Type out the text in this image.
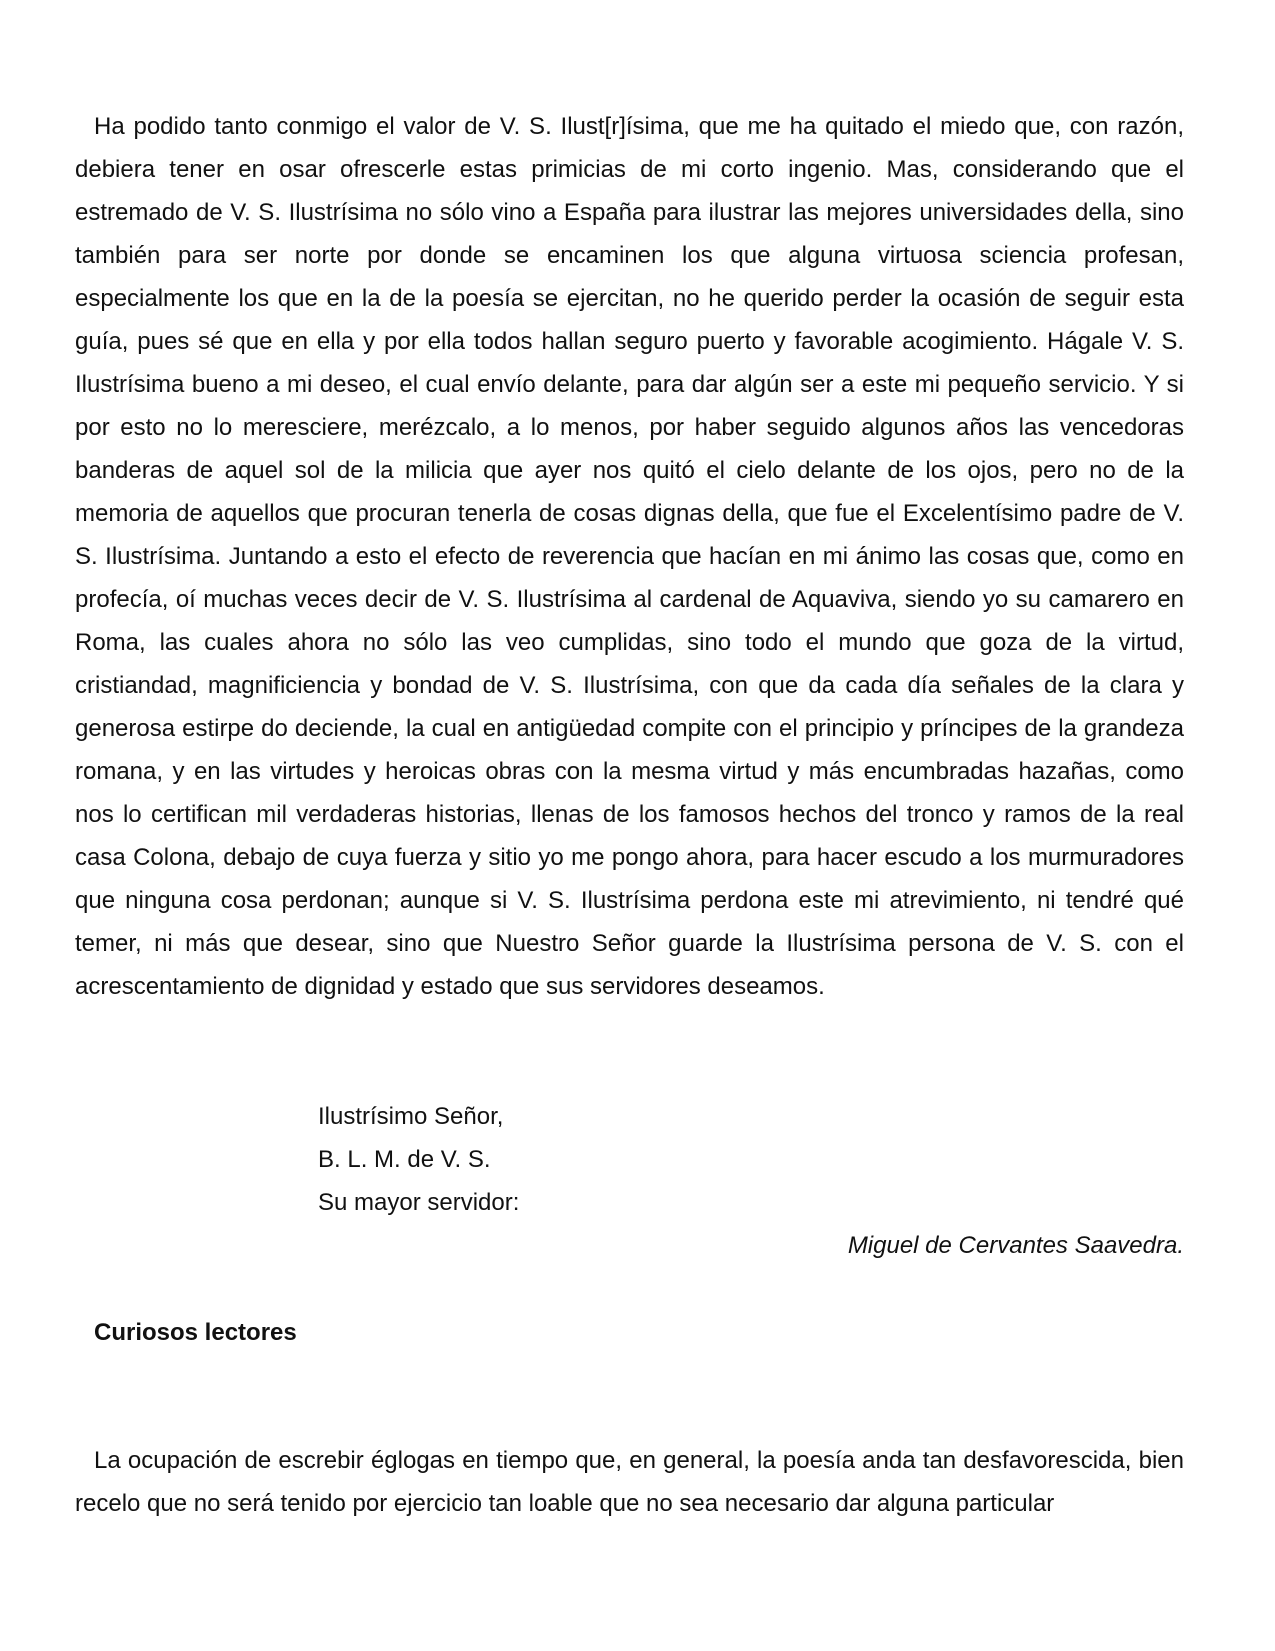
Ha podido tanto conmigo el valor de V. S. Ilust[r]ísima, que me ha quitado el miedo que, con razón, debiera tener en osar ofrescerle estas primicias de mi corto ingenio. Mas, considerando que el estremado de V. S. Ilustrísima no sólo vino a España para ilustrar las mejores universidades della, sino también para ser norte por donde se encaminen los que alguna virtuosa sciencia profesan, especialmente los que en la de la poesía se ejercitan, no he querido perder la ocasión de seguir esta guía, pues sé que en ella y por ella todos hallan seguro puerto y favorable acogimiento. Hágale V. S. Ilustrísima bueno a mi deseo, el cual envío delante, para dar algún ser a este mi pequeño servicio. Y si por esto no lo meresciere, merézcalo, a lo menos, por haber seguido algunos años las vencedoras banderas de aquel sol de la milicia que ayer nos quitó el cielo delante de los ojos, pero no de la memoria de aquellos que procuran tenerla de cosas dignas della, que fue el Excelentísimo padre de V. S. Ilustrísima. Juntando a esto el efecto de reverencia que hacían en mi ánimo las cosas que, como en profecía, oí muchas veces decir de V. S. Ilustrísima al cardenal de Aquaviva, siendo yo su camarero en Roma, las cuales ahora no sólo las veo cumplidas, sino todo el mundo que goza de la virtud, cristiandad, magnificiencia y bondad de V. S. Ilustrísima, con que da cada día señales de la clara y generosa estirpe do deciende, la cual en antigüedad compite con el principio y príncipes de la grandeza romana, y en las virtudes y heroicas obras con la mesma virtud y más encumbradas hazañas, como nos lo certifican mil verdaderas historias, llenas de los famosos hechos del tronco y ramos de la real casa Colona, debajo de cuya fuerza y sitio yo me pongo ahora, para hacer escudo a los murmuradores que ninguna cosa perdonan; aunque si V. S. Ilustrísima perdona este mi atrevimiento, ni tendré qué temer, ni más que desear, sino que Nuestro Señor guarde la Ilustrísima persona de V. S. con el acrescentamiento de dignidad y estado que sus servidores deseamos.

Ilustrísimo Señor,

B. L. M. de V. S.

Su mayor servidor:

Miguel de Cervantes Saavedra.

Curiosos lectores

La ocupación de escrebir églogas en tiempo que, en general, la poesía anda tan desfavorescida, bien recelo que no será tenido por ejercicio tan loable que no sea necesario dar alguna particular
